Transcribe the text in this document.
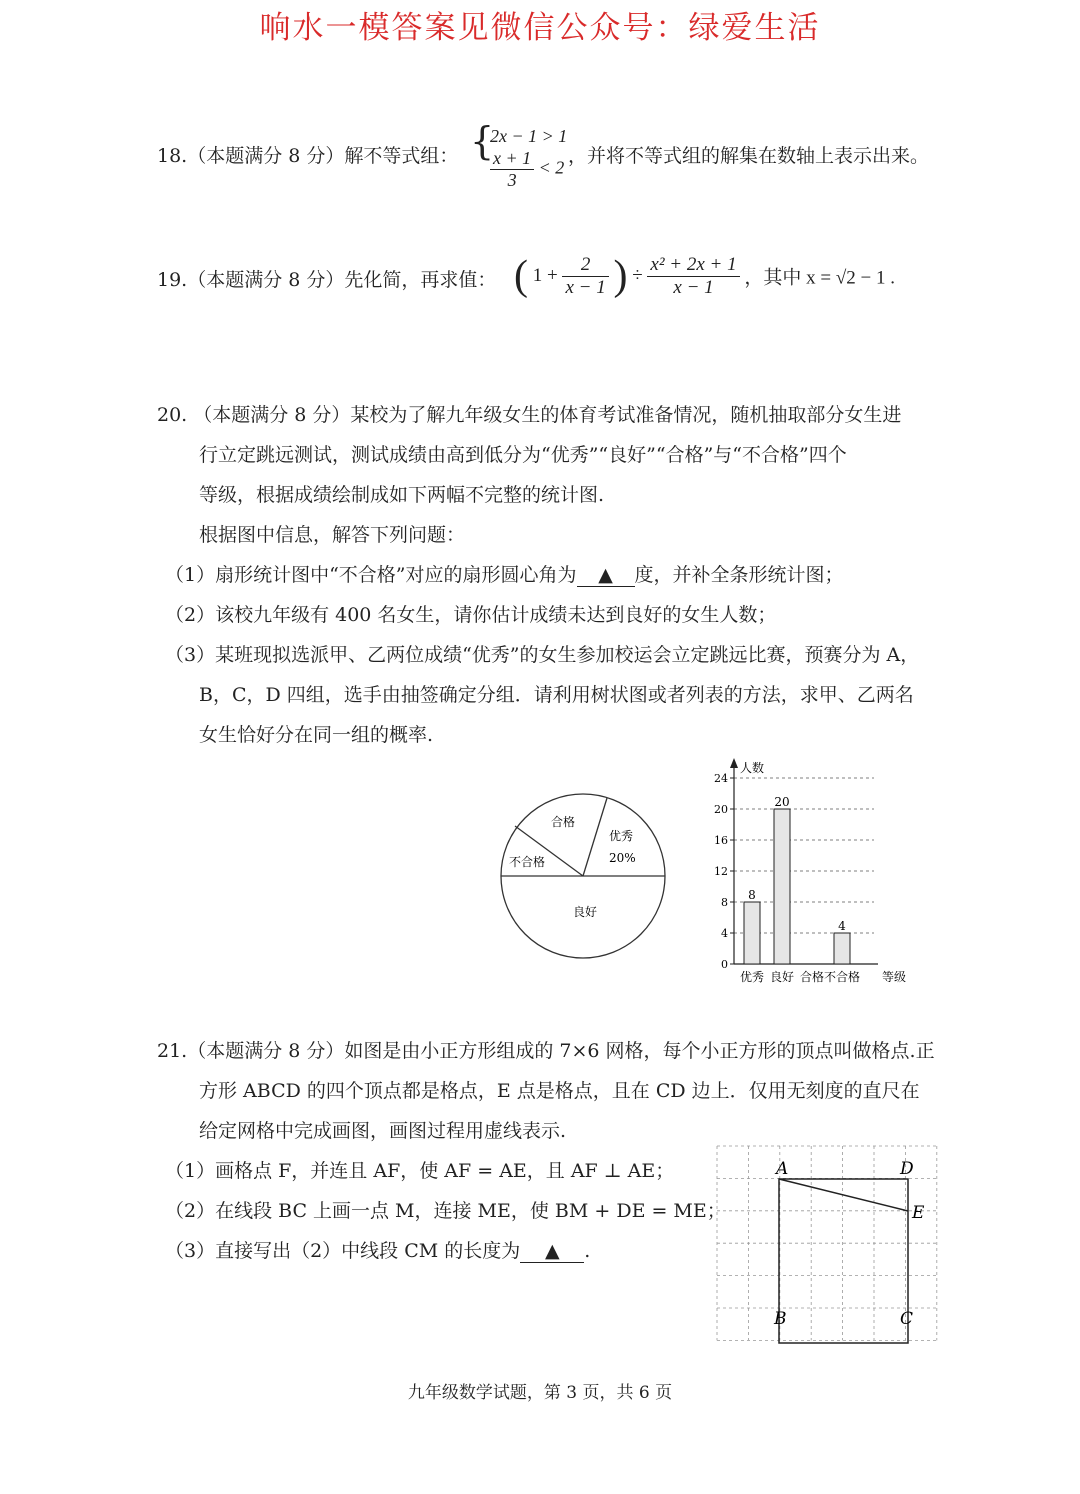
响水一模答案见微信公众号：绿爱生活
18.（本题满分 8 分）解不等式组： {
2x − 1 > 1
$\frac{x + 1}{3} < 2$
，并将不等式组的解集在数轴上表示出来。
19.（本题满分 8 分）先化简，再求值： ( $1 + \frac{2}{x - 1}$ ) ÷ $\frac{\text{x² + 2x + 1}}{x - 1}$ ，其中 x = √2 − 1 .
20. （本题满分 8 分）某校为了解九年级女生的体育考试准备情况，随机抽取部分女生进
行立定跳远测试，测试成绩由高到低分为“优秀”“良好”“合格”与“不合格”四个
等级，根据成绩绘制成如下两幅不完整的统计图.
根据图中信息，解答下列问题：
（1）扇形统计图中“不合格”对应的扇形圆心角为 ▲ 度，并补全条形统计图；
（2）该校九年级有 400 名女生，请你估计成绩未达到良好的女生人数；
（3）某班现拟选派甲、乙两位成绩“优秀”的女生参加校运会立定跳远比赛，预赛分为 A，
B，C，D 四组，选手由抽签确定分组．请利用树状图或者列表的方法，求甲、乙两名
女生恰好分在同一组的概率.
合格
优秀
20%
不合格
良好
0
4
8
12
16
20
24
人数
等级
8
优秀
20
良好 合格
4
不合格
21.（本题满分 8 分）如图是由小正方形组成的 7×6 网格，每个小正方形的顶点叫做格点.正
方形 ABCD 的四个顶点都是格点，E 点是格点，且在 CD 边上．仅用无刻度的直尺在
给定网格中完成画图，画图过程用虚线表示.
（1）画格点 F，并连且 AF，使 AF = AE，且 AF ⊥ AE；
（2）在线段 BC 上画一点 M，连接 ME，使 BM + DE = ME；
（3）直接写出（2）中线段 CM 的长度为 ▲ .
A	D
E
B	C
九年级数学试题，第 3 页，共 6 页
